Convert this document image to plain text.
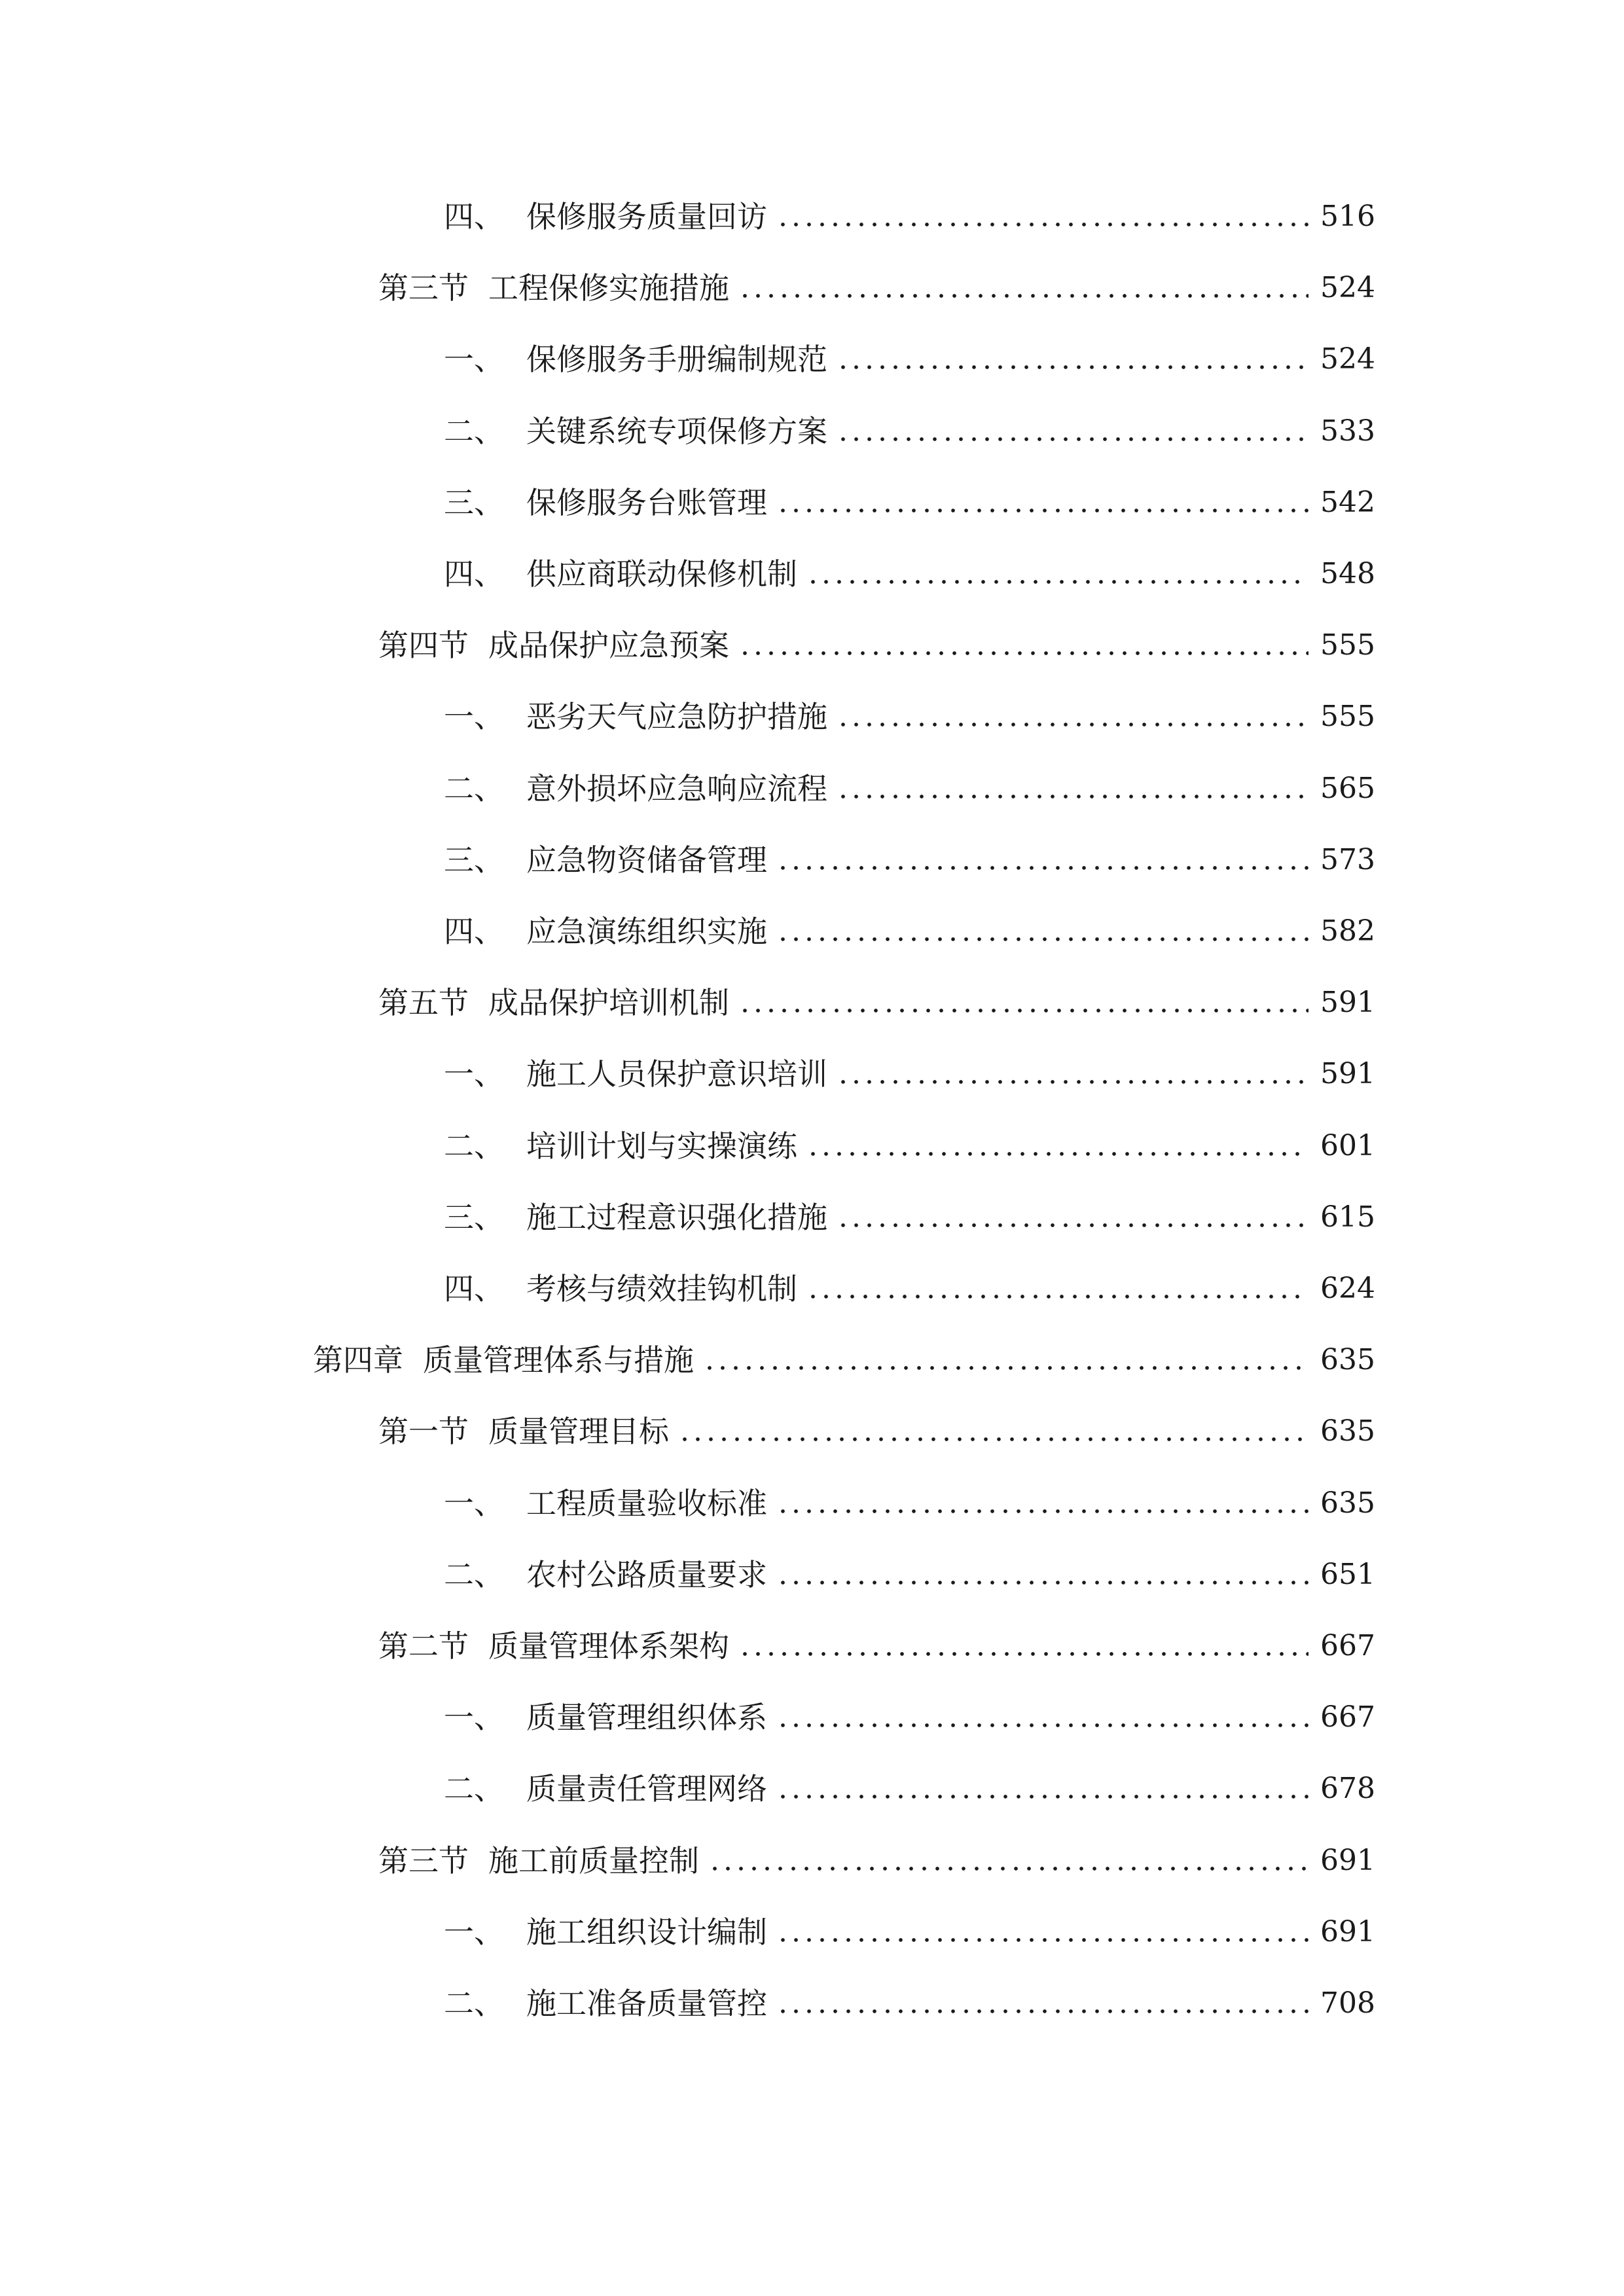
四、 保修服务质量回访	516
第三节 工程保修实施措施	524
一、 保修服务手册编制规范	524
二、 关键系统专项保修方案	533
三、 保修服务台账管理	542
四、 供应商联动保修机制	548
第四节 成品保护应急预案	555
一、 恶劣天气应急防护措施	555
二、 意外损坏应急响应流程	565
三、 应急物资储备管理	573
四、 应急演练组织实施	582
第五节 成品保护培训机制	591
一、 施工人员保护意识培训	591
二、 培训计划与实操演练	601
三、 施工过程意识强化措施	615
四、 考核与绩效挂钩机制	624
第四章 质量管理体系与措施	635
第一节 质量管理目标	635
一、 工程质量验收标准	635
二、 农村公路质量要求	651
第二节 质量管理体系架构	667
一、 质量管理组织体系	667
二、 质量责任管理网络	678
第三节 施工前质量控制	691
一、 施工组织设计编制	691
二、 施工准备质量管控	708
